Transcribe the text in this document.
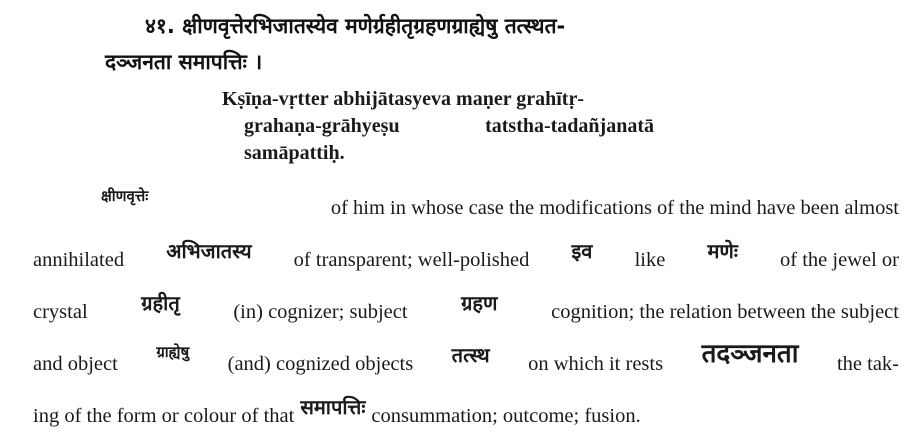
४१. क्षीणवृत्तेरभिजातस्येव मणेर्ग्रहीतृग्रहणग्राह्येषु तत्स्थत-
दञ्जनता समापत्तिः ।
Kṣīṇa-vṛtter abhijātasyeva maṇer grahītṛ-
grahaṇa-grāhyeṣu	tatstha-tadañjanatā
samāpattiḥ.
क्षीणवृत्तेः
of him in whose case the modifications of the mind have been almost
annihilated अभिजातस्य of transparent; well-polished इव like मणेः of the jewel or
crystal	ग्रहीतृ	(in) cognizer; subject	ग्रहण	cognition; the relation between the subject
and object
ग्राह्येषु
(and) cognized objects तत्स्थ on which it rests तदञ्जनता the tak-
ing of the form or colour of that समापत्तिः consummation; outcome; fusion.
